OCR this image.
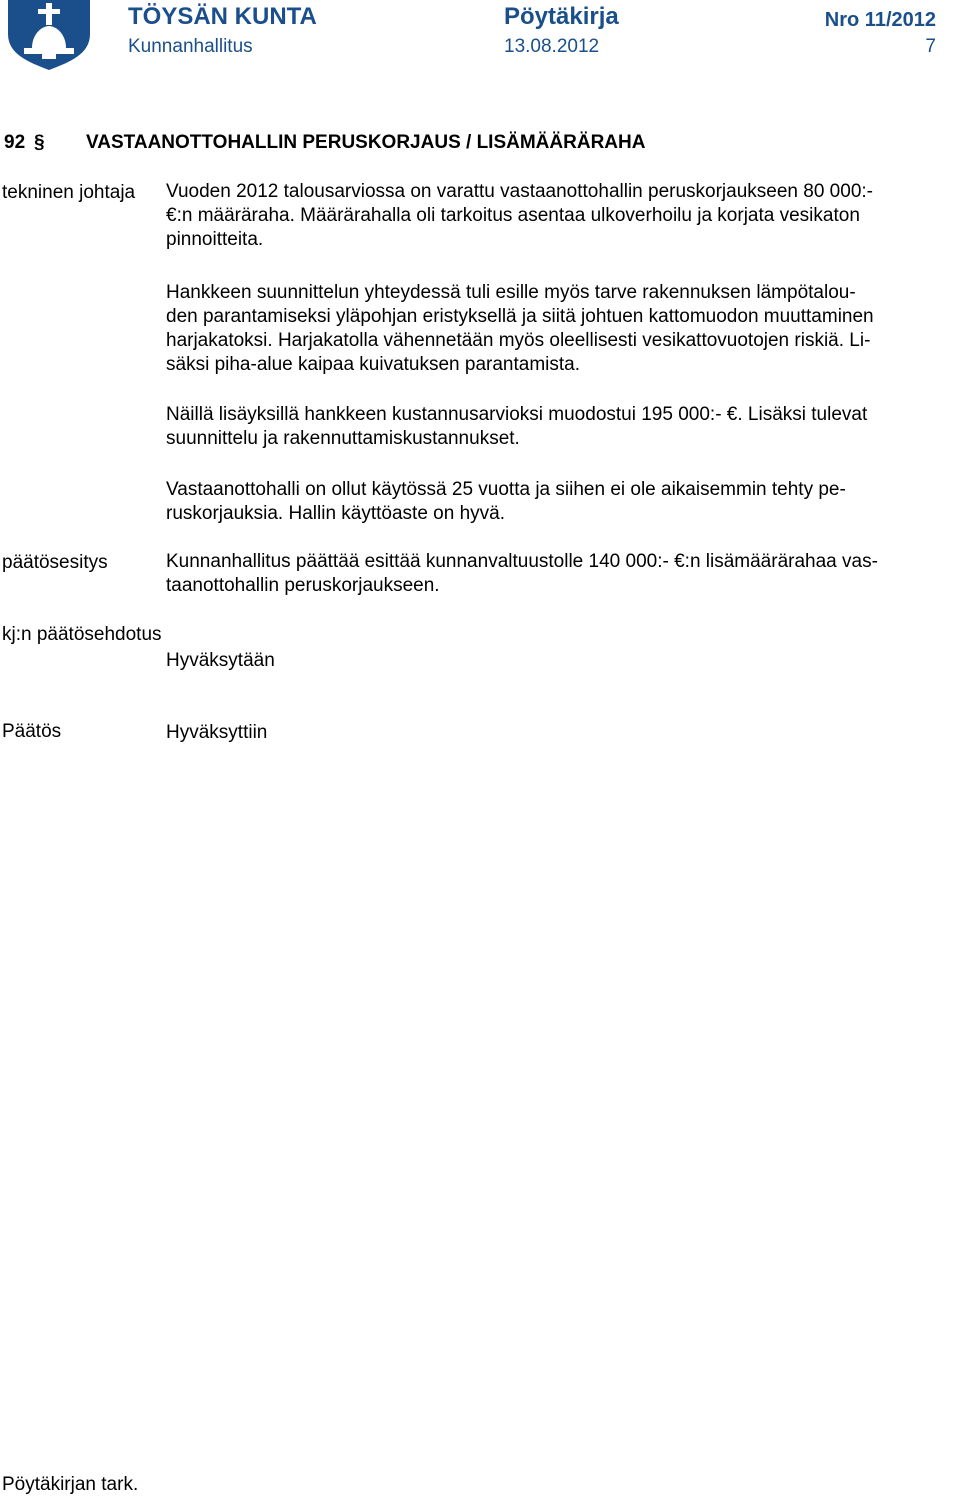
TÖYSÄN KUNTA
Kunnanhallitus
Pöytäkirja
13.08.2012
Nro 11/2012
7
92 § VASTAANOTTOHALLIN PERUSKORJAUS / LISÄMÄÄRÄRAHA
tekninen johtaja Vuoden 2012 talousarviossa on varattu vastaanottohallin peruskorjaukseen 80 000:-
€:n määräraha. Määrärahalla oli tarkoitus asentaa ulkoverhoilu ja korjata vesikaton
pinnoitteita.

Hankkeen suunnittelun yhteydessä tuli esille myös tarve rakennuksen lämpötalou-
den parantamiseksi yläpohjan eristyksellä ja siitä johtuen kattomuodon muuttaminen
harjakatoksi. Harjakatolla vähennetään myös oleellisesti vesikattovuotojen riskiä. Li-
säksi piha-alue kaipaa kuivatuksen parantamista.

Näillä lisäyksillä hankkeen kustannusarvioksi muodostui 195 000:- €. Lisäksi tulevat
suunnittelu ja rakennuttamiskustannukset.

Vastaanottohalli on ollut käytössä 25 vuotta ja siihen ei ole aikaisemmin tehty pe-
ruskorjauksia. Hallin käyttöaste on hyvä.

päätösesitys	Kunnanhallitus päättää esittää kunnanvaltuustolle 140 000:- €:n lisämäärärahaa vas-
taanottohallin peruskorjaukseen.

kj:n päätösehdotus
Hyväksytään
Päätös	Hyväksyttiin
Pöytäkirjan tark.
